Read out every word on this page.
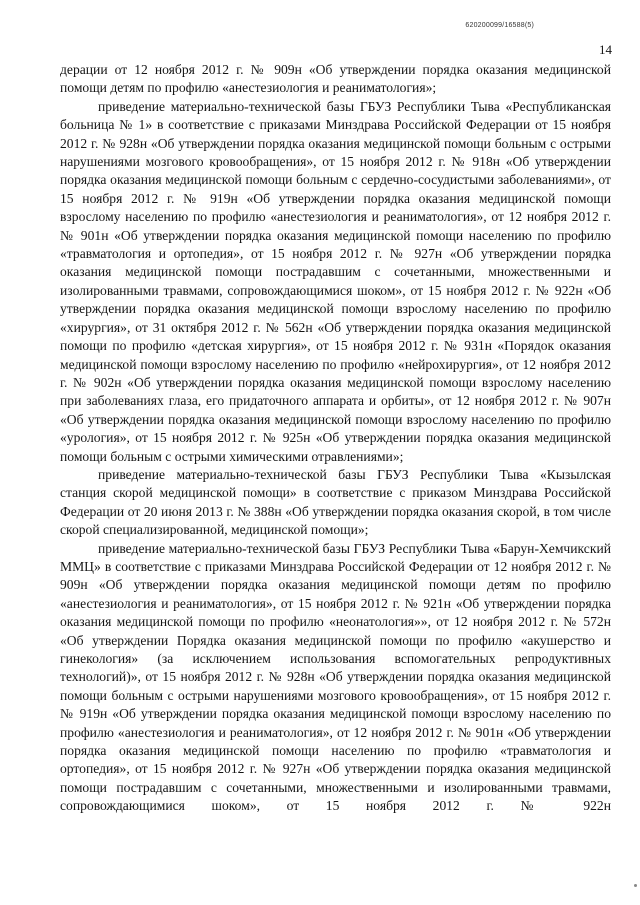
620200099/16588(5)
14

дерации от 12 ноября 2012 г. № 909н «Об утверждении порядка оказания медицинской помощи детям по профилю «анестезиология и реаниматология»;

приведение материально-технической базы ГБУЗ Республики Тыва «Республиканская больница № 1» в соответствие с приказами Минздрава Российской Федерации от 15 ноября 2012 г. № 928н «Об утверждении порядка оказания медицинской помощи больным с острыми нарушениями мозгового кровообращения», от 15 ноября 2012 г. № 918н «Об утверждении порядка оказания медицинской помощи больным с сердечно-сосудистыми заболеваниями», от 15 ноября 2012 г. № 919н «Об утверждении порядка оказания медицинской помощи взрослому населению по профилю «анестезиология и реаниматология», от 12 ноября 2012 г. № 901н «Об утверждении порядка оказания медицинской помощи населению по профилю «травматология и ортопедия», от 15 ноября 2012 г. № 927н «Об утверждении порядка оказания медицинской помощи пострадавшим с сочетанными, множественными и изолированными травмами, сопровождающимися шоком», от 15 ноября 2012 г. № 922н «Об утверждении порядка оказания медицинской помощи взрослому населению по профилю «хирургия», от 31 октября 2012 г. № 562н «Об утверждении порядка оказания медицинской помощи по профилю «детская хирургия», от 15 ноября 2012 г. № 931н «Порядок оказания медицинской помощи взрослому населению по профилю «нейрохирургия», от 12 ноября 2012 г. № 902н «Об утверждении порядка оказания медицинской помощи взрослому населению при заболеваниях глаза, его придаточного аппарата и орбиты», от 12 ноября 2012 г. № 907н «Об утверждении порядка оказания медицинской помощи взрослому населению по профилю «урология», от 15 ноября 2012 г. № 925н «Об утверждении порядка оказания медицинской помощи больным с острыми химическими отравлениями»;

приведение материально-технической базы ГБУЗ Республики Тыва «Кызылская станция скорой медицинской помощи» в соответствие с приказом Минздрава Российской Федерации от 20 июня 2013 г. № 388н «Об утверждении порядка оказания скорой, в том числе скорой специализированной, медицинской помощи»;

приведение материально-технической базы ГБУЗ Республики Тыва «Барун-Хемчикский ММЦ» в соответствие с приказами Минздрава Российской Федерации от 12 ноября 2012 г. № 909н «Об утверждении порядка оказания медицинской помощи детям по профилю «анестезиология и реаниматология», от 15 ноября 2012 г. № 921н «Об утверждении порядка оказания медицинской помощи по профилю «неонатология»», от 12 ноября 2012 г. № 572н «Об утверждении Порядка оказания медицинской помощи по профилю «акушерство и гинекология» (за исключением использования вспомогательных репродуктивных технологий)», от 15 ноября 2012 г. № 928н «Об утверждении порядка оказания медицинской помощи больным с острыми нарушениями мозгового кровообращения», от 15 ноября 2012 г. № 919н «Об утверждении порядка оказания медицинской помощи взрослому населению по профилю «анестезиология и реаниматология», от 12 ноября 2012 г. № 901н «Об утверждении порядка оказания медицинской помощи населению по профилю «травматология и ортопедия», от 15 ноября 2012 г. № 927н «Об утверждении порядка оказания медицинской помощи пострадавшим с сочетанными, множественными и изолированными травмами, сопровождающимися шоком», от 15 ноября 2012 г. № 922н
